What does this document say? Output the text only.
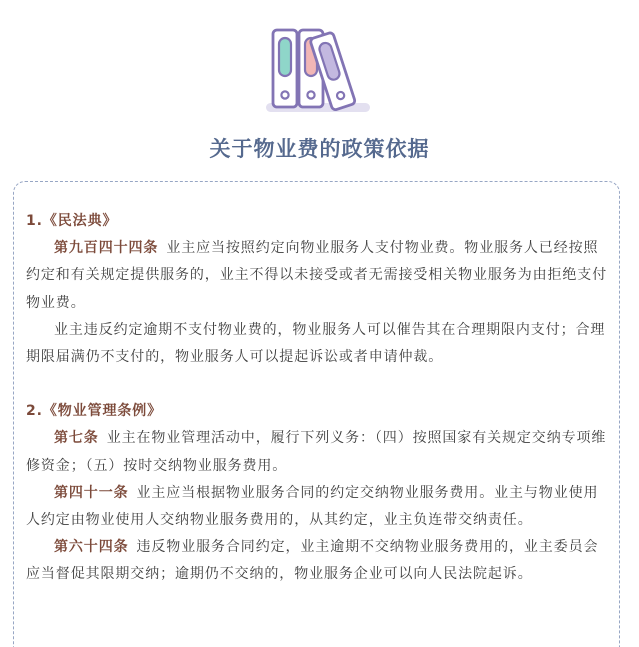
关于物业费的政策依据

1.《民法典》

第九百四十四条 业主应当按照约定向物业服务人支付物业费。物业服务人已经按照约定和有关规定提供服务的，业主不得以未接受或者无需接受相关物业服务为由拒绝支付物业费。

业主违反约定逾期不支付物业费的，物业服务人可以催告其在合理期限内支付；合理期限届满仍不支付的，物业服务人可以提起诉讼或者申请仲裁。

2.《物业管理条例》

第七条 业主在物业管理活动中，履行下列义务：（四）按照国家有关规定交纳专项维修资金；（五）按时交纳物业服务费用。

第四十一条 业主应当根据物业服务合同的约定交纳物业服务费用。业主与物业使用人约定由物业使用人交纳物业服务费用的，从其约定，业主负连带交纳责任。

第六十四条 违反物业服务合同约定，业主逾期不交纳物业服务费用的，业主委员会应当督促其限期交纳；逾期仍不交纳的，物业服务企业可以向人民法院起诉。
